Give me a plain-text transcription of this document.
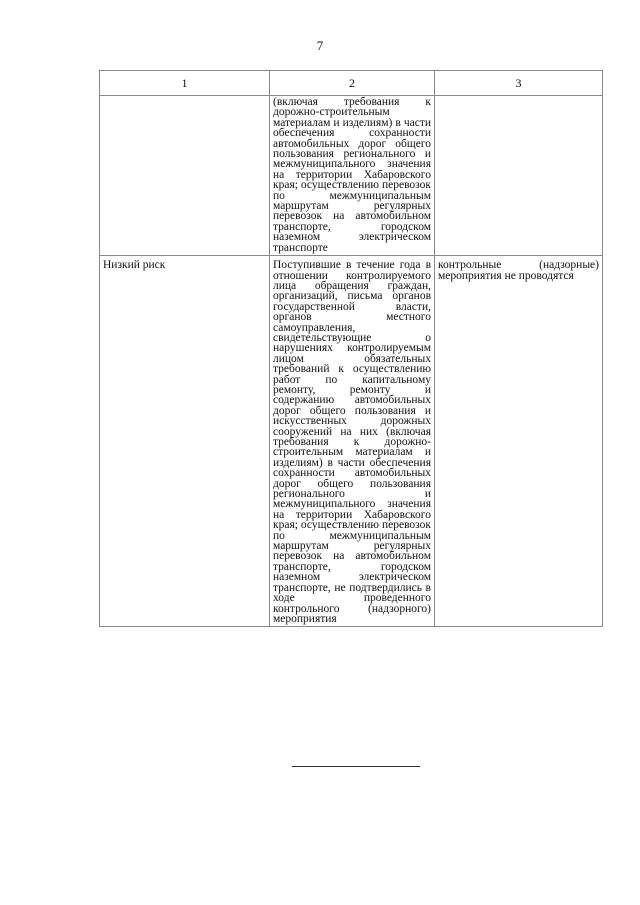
7
1	2	3

	(включая требования к дорожно-строительным материалам и изделиям) в части обеспечения сохранности автомобильных дорог общего пользования регионального и межмуниципального значения на территории Хабаровского края; осуществлению перевозок по межмуниципальным маршрутам регулярных перевозок на автомобильном транспорте, городском наземном электрическом транспорте	

Низкий риск	Поступившие в течение года в отношении контролируемого лица обращения граждан, организаций, письма органов государственной власти, органов местного самоуправления, свидетельствующие о нарушениях контролируемым лицом обязательных требований к осуществлению работ по капитальному ремонту, ремонту и содержанию автомобильных дорог общего пользования и искусственных дорожных сооружений на них (включая требования к дорожно-строительным материалам и изделиям) в части обеспечения сохранности автомобильных дорог общего пользования регионального и межмуниципального значения на территории Хабаровского края; осуществлению перевозок по межмуниципальным маршрутам регулярных перевозок на автомобильном транспорте, городском наземном электрическом транспорте, не подтвердились в ходе проведенного контрольного (надзорного) мероприятия	контрольные (надзорные) мероприятия не проводятся
